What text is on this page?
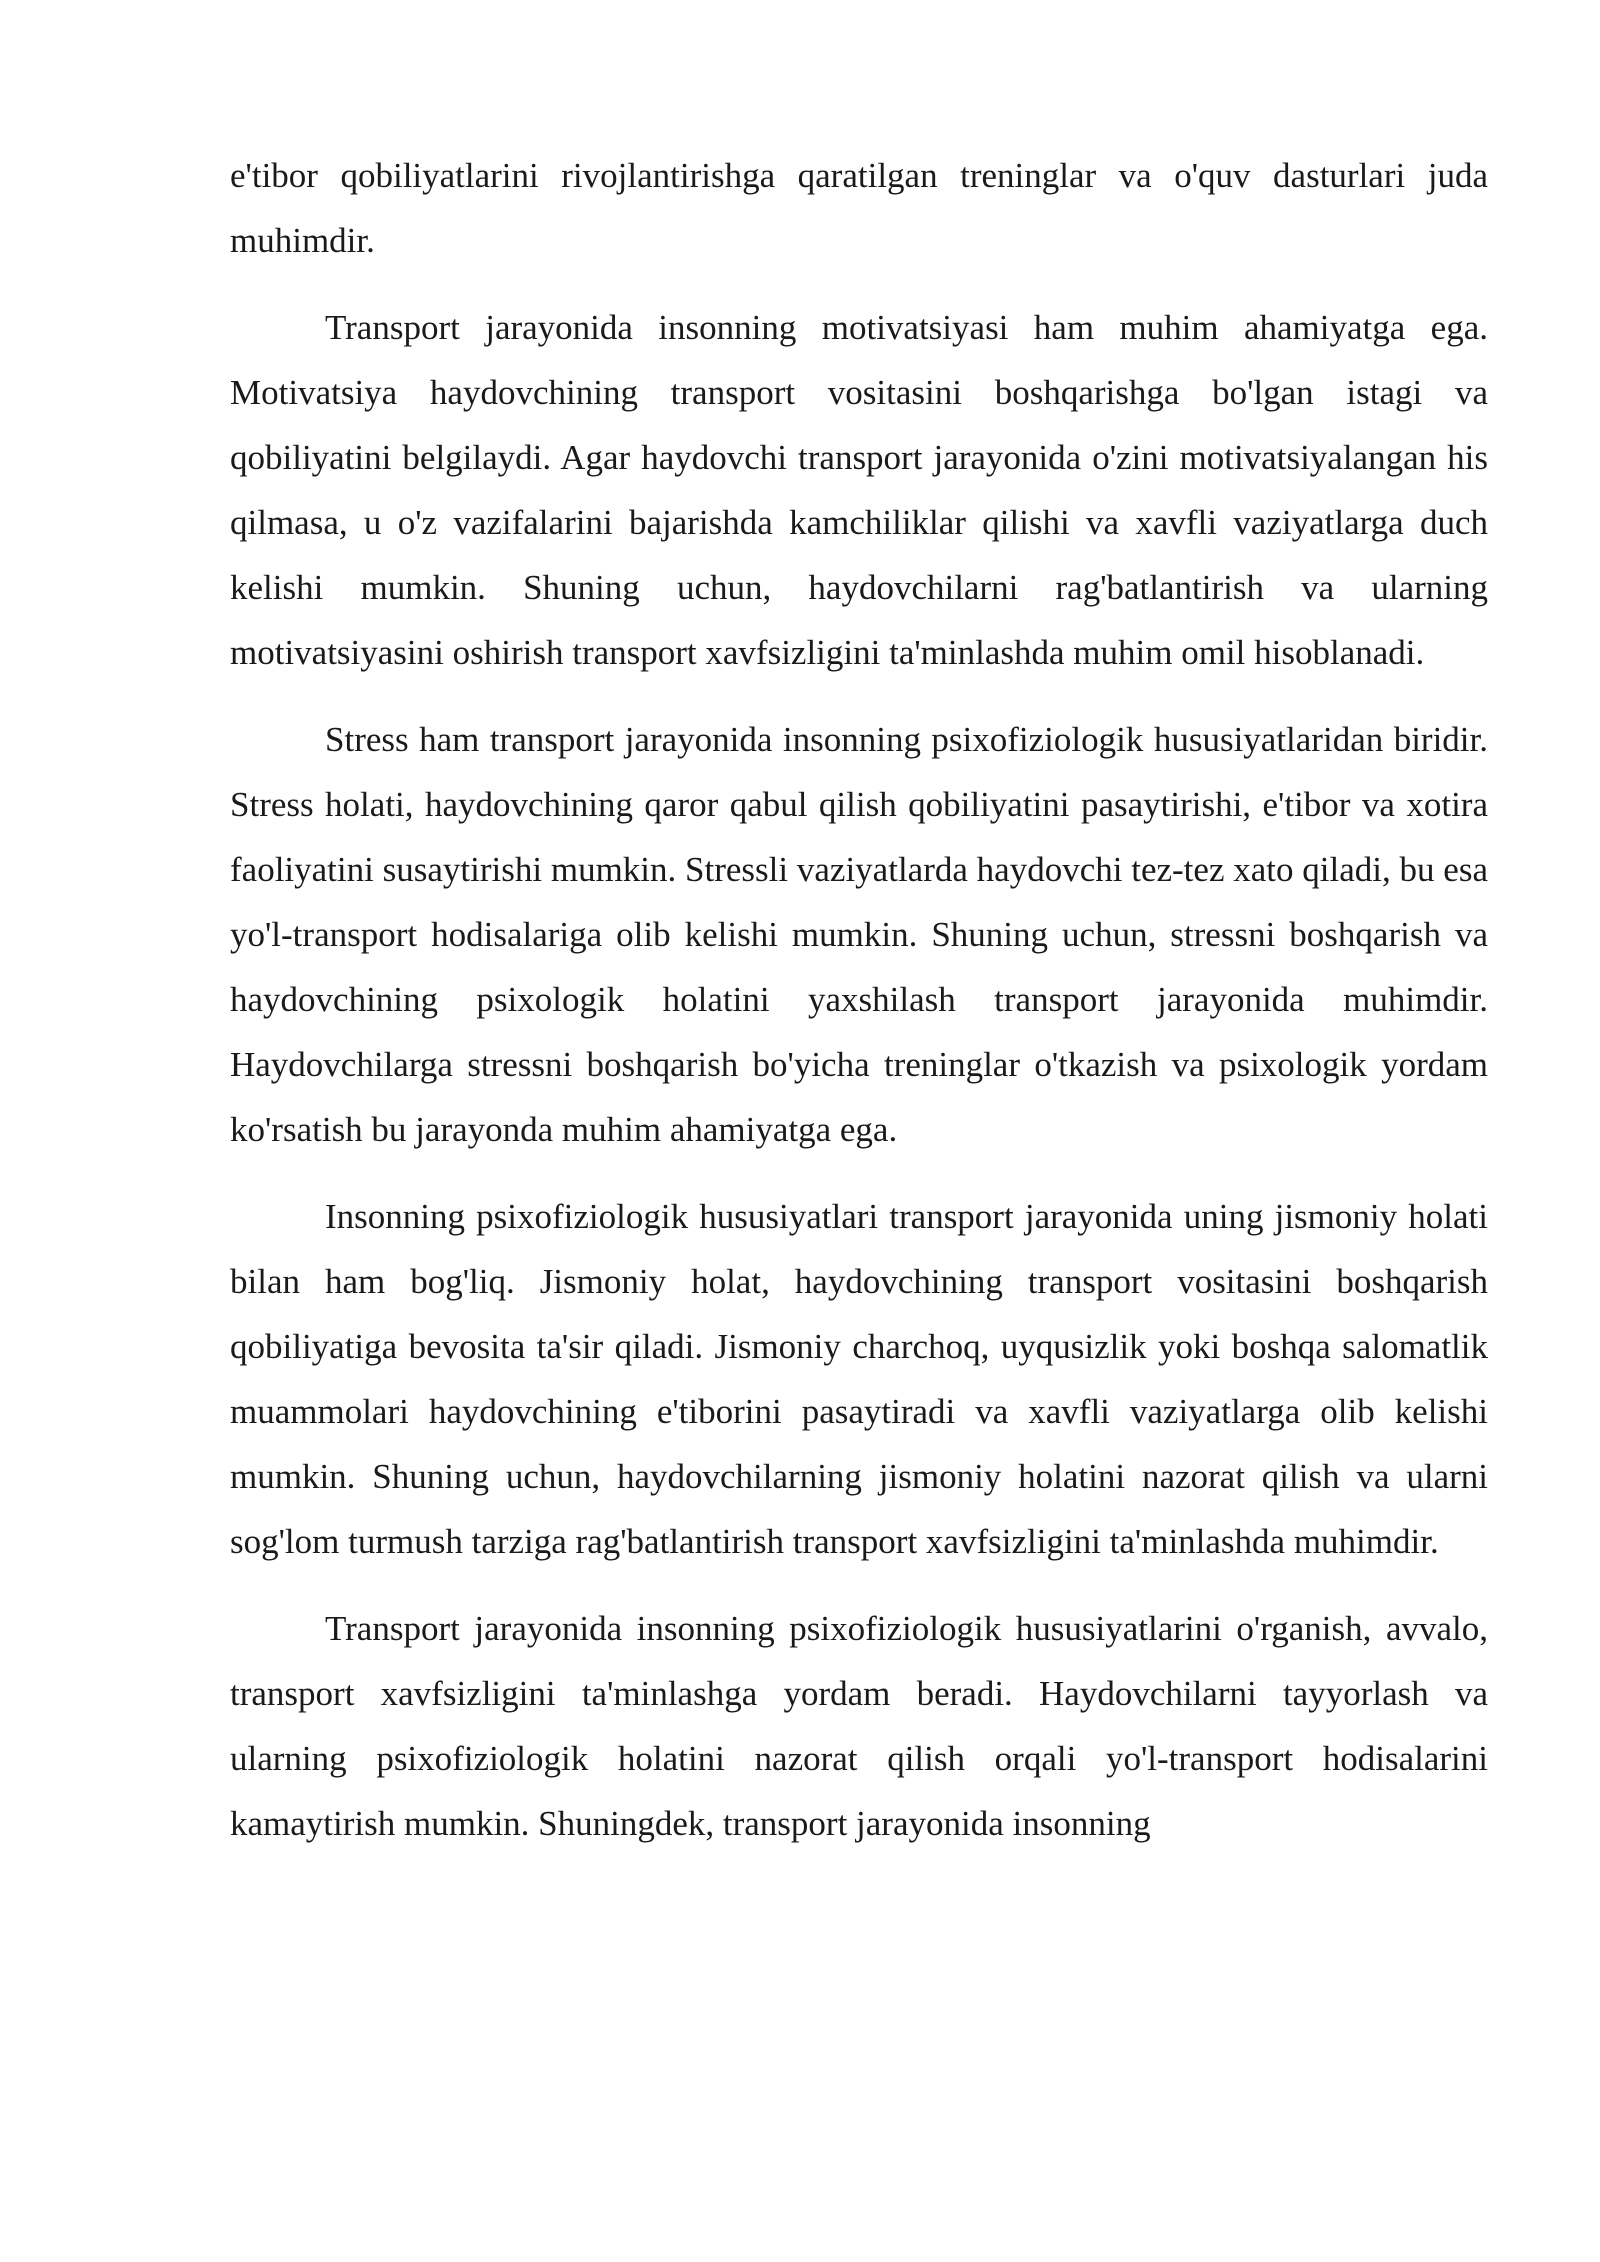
e'tibor qobiliyatlarini rivojlantirishga qaratilgan treninglar va o'quv dasturlari juda muhimdir.

Transport jarayonida insonning motivatsiyasi ham muhim ahamiyatga ega. Motivatsiya haydovchining transport vositasini boshqarishga bo'lgan istagi va qobiliyatini belgilaydi. Agar haydovchi transport jarayonida o'zini motivatsiyalangan his qilmasa, u o'z vazifalarini bajarishda kamchiliklar qilishi va xavfli vaziyatlarga duch kelishi mumkin. Shuning uchun, haydovchilarni rag'batlantirish va ularning motivatsiyasini oshirish transport xavfsizligini ta'minlashda muhim omil hisoblanadi.

Stress ham transport jarayonida insonning psixofiziologik hususiyatlaridan biridir. Stress holati, haydovchining qaror qabul qilish qobiliyatini pasaytirishi, e'tibor va xotira faoliyatini susaytirishi mumkin. Stressli vaziyatlarda haydovchi tez-tez xato qiladi, bu esa yo'l-transport hodisalariga olib kelishi mumkin. Shuning uchun, stressni boshqarish va haydovchining psixologik holatini yaxshilash transport jarayonida muhimdir. Haydovchilarga stressni boshqarish bo'yicha treninglar o'tkazish va psixologik yordam ko'rsatish bu jarayonda muhim ahamiyatga ega.

Insonning psixofiziologik hususiyatlari transport jarayonida uning jismoniy holati bilan ham bog'liq. Jismoniy holat, haydovchining transport vositasini boshqarish qobiliyatiga bevosita ta'sir qiladi. Jismoniy charchoq, uyqusizlik yoki boshqa salomatlik muammolari haydovchining e'tiborini pasaytiradi va xavfli vaziyatlarga olib kelishi mumkin. Shuning uchun, haydovchilarning jismoniy holatini nazorat qilish va ularni sog'lom turmush tarziga rag'batlantirish transport xavfsizligini ta'minlashda muhimdir.

Transport jarayonida insonning psixofiziologik hususiyatlarini o'rganish, avvalo, transport xavfsizligini ta'minlashga yordam beradi. Haydovchilarni tayyorlash va ularning psixofiziologik holatini nazorat qilish orqali yo'l-transport hodisalarini kamaytirish mumkin. Shuningdek, transport jarayonida insonning
